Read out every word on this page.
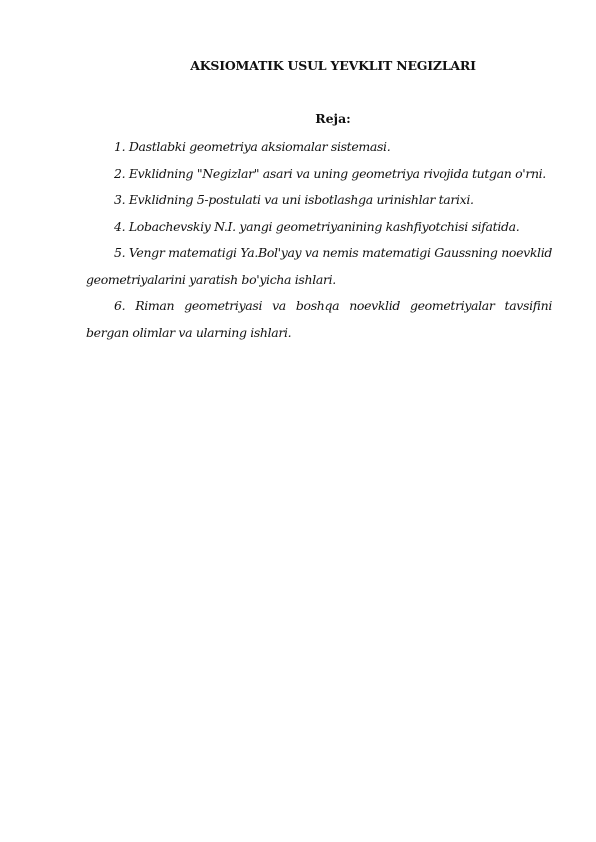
AKSIOMATIK USUL YEVKLIT NEGIZLARI
Reja:

1. Dastlabki geometriya aksiomalar sistemasi.

2. Evklidning "Negizlar" asari va uning geometriya rivojida tutgan o'rni.

3. Evklidning 5-postulati va uni isbotlashga urinishlar tarixi.

4. Lobachevskiy N.I. yangi geometriyanining kashfiyotchisi sifatida.

5. Vengr matematigi Ya.Bol'yay va nemis matematigi Gaussning noevklid geometriyalarini yaratish bo'yicha ishlari.

6. Riman geometriyasi va boshqa noevklid geometriyalar tavsifini bergan olimlar va ularning ishlari.
